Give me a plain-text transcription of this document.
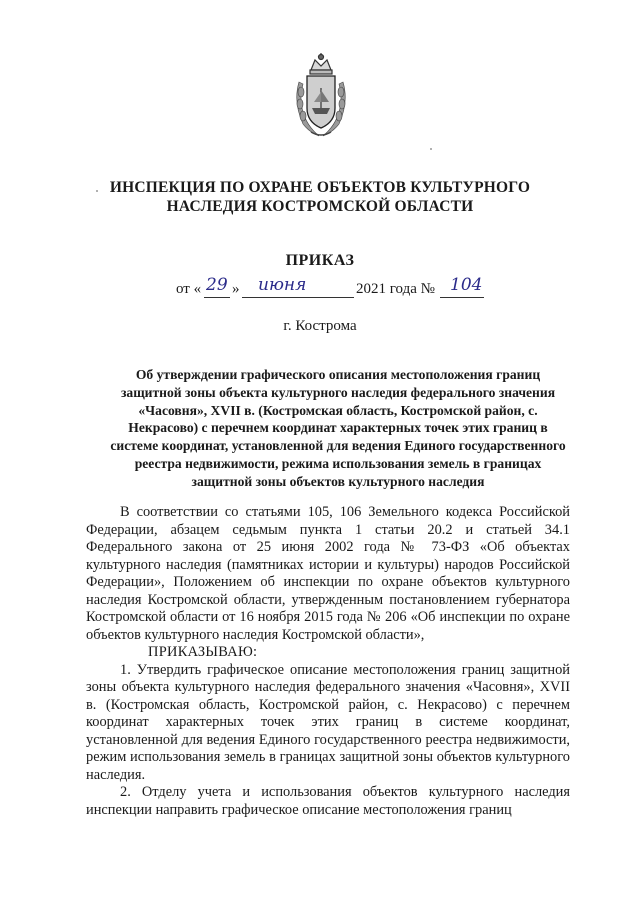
ИНСПЕКЦИЯ ПО ОХРАНЕ ОБЪЕКТОВ КУЛЬТУРНОГО
НАСЛЕДИЯ КОСТРОМСКОЙ ОБЛАСТИ
ПРИКАЗ
от « 29 » июня	2021 года № 104
г. Кострома
Об утверждении графического описания местоположения границ защитной зоны объекта культурного наследия федерального значения «Часовня», XVII в. (Костромская область, Костромской район, с. Некрасово) с перечнем координат характерных точек этих границ в системе координат, установленной для ведения Единого государственного реестра недвижимости, режима использования земель в границах защитной зоны объектов культурного наследия

В соответствии со статьями 105, 106 Земельного кодекса Российской Федерации, абзацем седьмым пункта 1 статьи 20.2 и статьей 34.1 Федерального закона от 25 июня 2002 года № 73-ФЗ «Об объектах культурного наследия (памятниках истории и культуры) народов Российской Федерации», Положением об инспекции по охране объектов культурного наследия Костромской области, утвержденным постановлением губернатора Костромской области от 16 ноября 2015 года № 206 «Об инспекции по охране объектов культурного наследия Костромской области»,

ПРИКАЗЫВАЮ:

1. Утвердить графическое описание местоположения границ защитной зоны объекта культурного наследия федерального значения «Часовня», XVII в. (Костромская область, Костромской район, с. Некрасово) с перечнем координат характерных точек этих границ в системе координат, установленной для ведения Единого государственного реестра недвижимости, режим использования земель в границах защитной зоны объектов культурного наследия.

2. Отделу учета и использования объектов культурного наследия инспекции направить графическое описание местоположения границ
